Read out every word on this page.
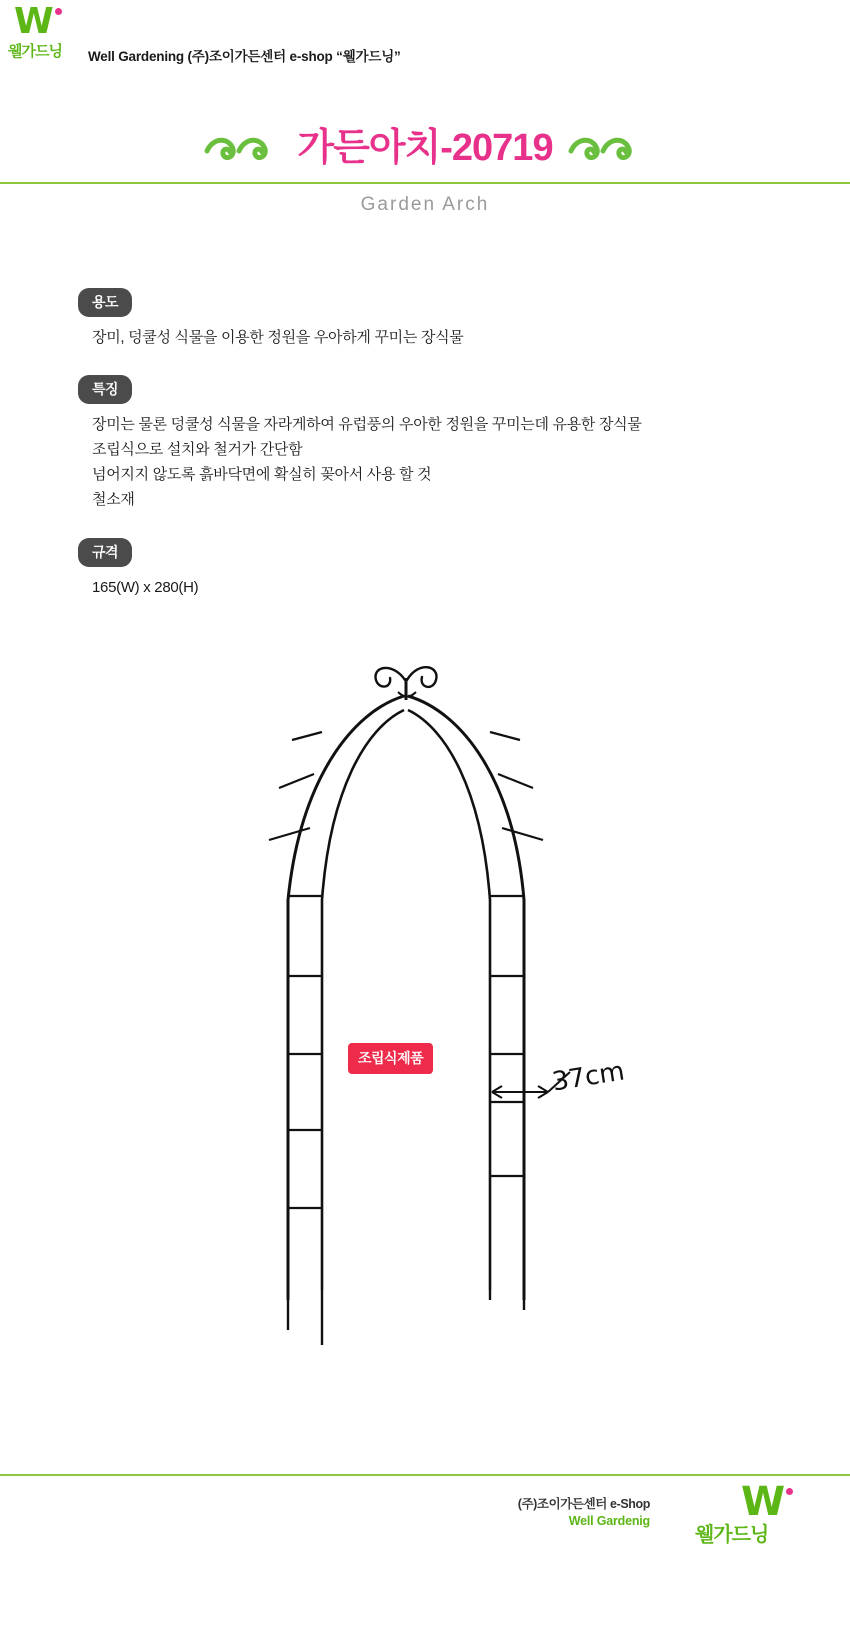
W
웰가드닝 Well Gardening (주)조이가든센터 e-shop “웰가드닝”
가든아치-20719
Garden Arch
용도
장미, 덩쿨성 식물을 이용한 정원을 우아하게 꾸미는 장식물
특징
장미는 물론 덩쿨성 식물을 자라게하여 유럽풍의 우아한 정원을 꾸미는데 유용한 장식물
조립식으로 설치와 철거가 간단함
넘어지지 않도록 흙바닥면에 확실히 꽂아서 사용 할 것
철소재
규격
165(W) x 280(H)
조립식제품	37cm
(주)조이가든센터 e-Shop
Well Gardenig W
웰가드닝
